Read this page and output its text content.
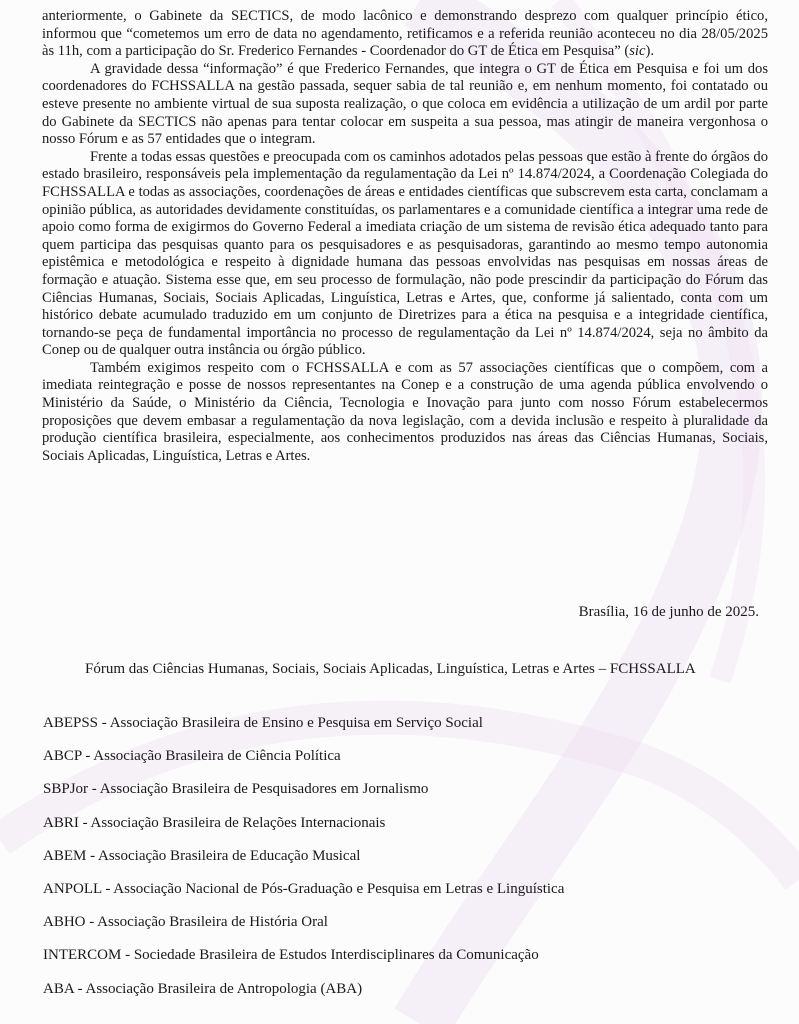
anteriormente, o Gabinete da SECTICS, de modo lacônico e demonstrando desprezo com qualquer princípio ético, informou que “cometemos um erro de data no agendamento, retificamos e a referida reunião aconteceu no dia 28/05/2025 às 11h, com a participação do Sr. Frederico Fernandes - Coordenador do GT de Ética em Pesquisa” (sic).

A gravidade dessa “informação” é que Frederico Fernandes, que integra o GT de Ética em Pesquisa e foi um dos coordenadores do FCHSSALLA na gestão passada, sequer sabia de tal reunião e, em nenhum momento, foi contatado ou esteve presente no ambiente virtual de sua suposta realização, o que coloca em evidência a utilização de um ardil por parte do Gabinete da SECTICS não apenas para tentar colocar em suspeita a sua pessoa, mas atingir de maneira vergonhosa o nosso Fórum e as 57 entidades que o integram.

Frente a todas essas questões e preocupada com os caminhos adotados pelas pessoas que estão à frente do órgãos do estado brasileiro, responsáveis pela implementação da regulamentação da Lei nº 14.874/2024, a Coordenação Colegiada do FCHSSALLA e todas as associações, coordenações de áreas e entidades científicas que subscrevem esta carta, conclamam a opinião pública, as autoridades devidamente constituídas, os parlamentares e a comunidade científica a integrar uma rede de apoio como forma de exigirmos do Governo Federal a imediata criação de um sistema de revisão ética adequado tanto para quem participa das pesquisas quanto para os pesquisadores e as pesquisadoras, garantindo ao mesmo tempo autonomia epistêmica e metodológica e respeito à dignidade humana das pessoas envolvidas nas pesquisas em nossas áreas de formação e atuação. Sistema esse que, em seu processo de formulação, não pode prescindir da participação do Fórum das Ciências Humanas, Sociais, Sociais Aplicadas, Linguística, Letras e Artes, que, conforme já salientado, conta com um histórico debate acumulado traduzido em um conjunto de Diretrizes para a ética na pesquisa e a integridade científica, tornando-se peça de fundamental importância no processo de regulamentação da Lei nº 14.874/2024, seja no âmbito da Conep ou de qualquer outra instância ou órgão público.

Também exigimos respeito com o FCHSSALLA e com as 57 associações científicas que o compõem, com a imediata reintegração e posse de nossos representantes na Conep e a construção de uma agenda pública envolvendo o Ministério da Saúde, o Ministério da Ciência, Tecnologia e Inovação para junto com nosso Fórum estabelecermos proposições que devem embasar a regulamentação da nova legislação, com a devida inclusão e respeito à pluralidade da produção científica brasileira, especialmente, aos conhecimentos produzidos nas áreas das Ciências Humanas, Sociais, Sociais Aplicadas, Linguística, Letras e Artes.

Brasília, 16 de junho de 2025.
Fórum das Ciências Humanas, Sociais, Sociais Aplicadas, Linguística, Letras e Artes – FCHSSALLA
ABEPSS - Associação Brasileira de Ensino e Pesquisa em Serviço Social
ABCP - Associação Brasileira de Ciência Política
SBPJor - Associação Brasileira de Pesquisadores em Jornalismo
ABRI - Associação Brasileira de Relações Internacionais
ABEM - Associação Brasileira de Educação Musical
ANPOLL - Associação Nacional de Pós-Graduação e Pesquisa em Letras e Linguística
ABHO - Associação Brasileira de História Oral
INTERCOM - Sociedade Brasileira de Estudos Interdisciplinares da Comunicação
ABA - Associação Brasileira de Antropologia (ABA)
